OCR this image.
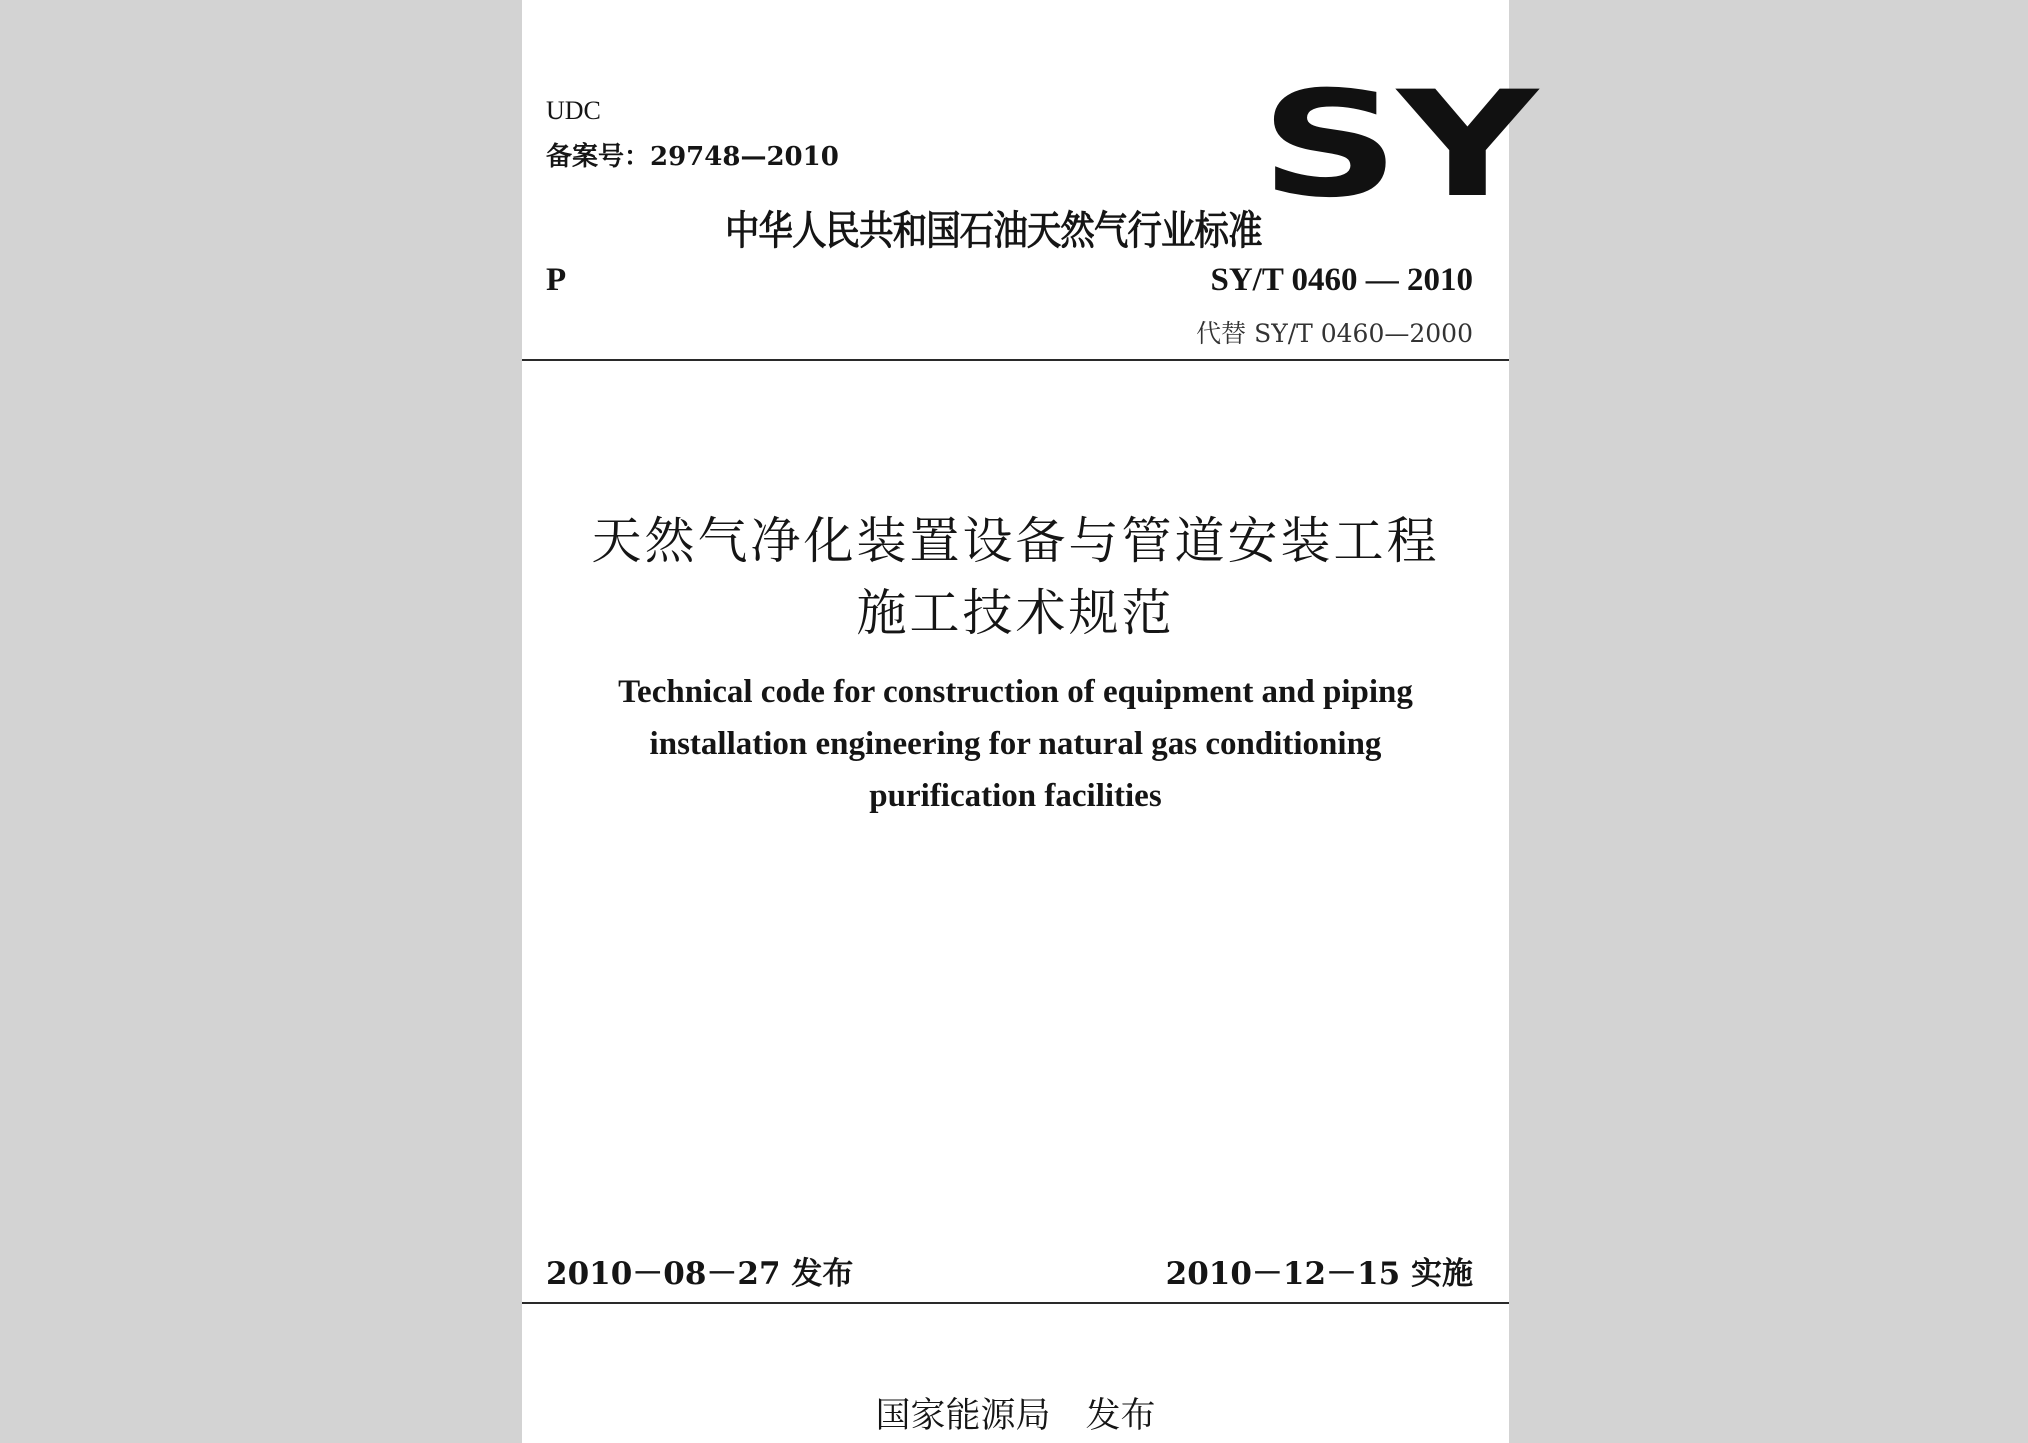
UDC
备案号：29748—2010	SY
中华人民共和国石油天然气行业标准
P	SY/T 0460 — 2010
代替 SY/T 0460—2000
天然气净化装置设备与管道安装工程
施工技术规范
Technical code for construction of equipment and piping
installation engineering for natural gas conditioning
purification facilities
2010－08－27 发布	2010－12－15 实施
国家能源局　发布
